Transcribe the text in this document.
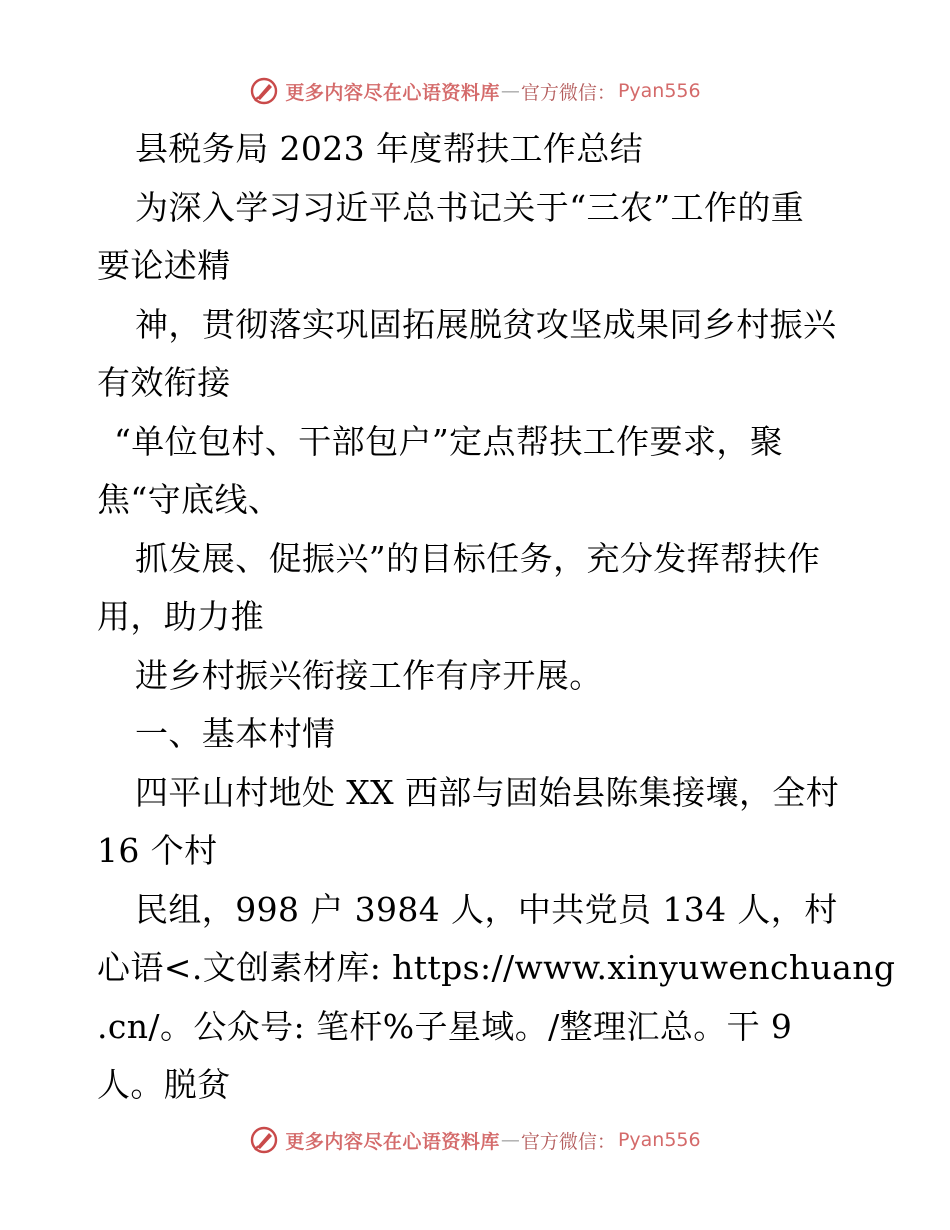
更多内容尽在心语资料库 — 官方微信： Pyan556
县税务局 2023 年度帮扶工作总结
为深入学习习近平总书记关于“三农”工作的重
要论述精
神，贯彻落实巩固拓展脱贫攻坚成果同乡村振兴
有效衔接
“单位包村、干部包户”定点帮扶工作要求，聚
焦“守底线、
抓发展、促振兴”的目标任务，充分发挥帮扶作
用，助力推
进乡村振兴衔接工作有序开展。
一、基本村情
四平山村地处 XX 西部与固始县陈集接壤，全村
16 个村
民组，998 户 3984 人，中共党员 134 人，村
心语<.文创素材库: https://www.xinyuwenchuang
.cn/。公众号: 笔杆%子星域。/整理汇总。干 9
人。脱贫
更多内容尽在心语资料库 — 官方微信： Pyan556
